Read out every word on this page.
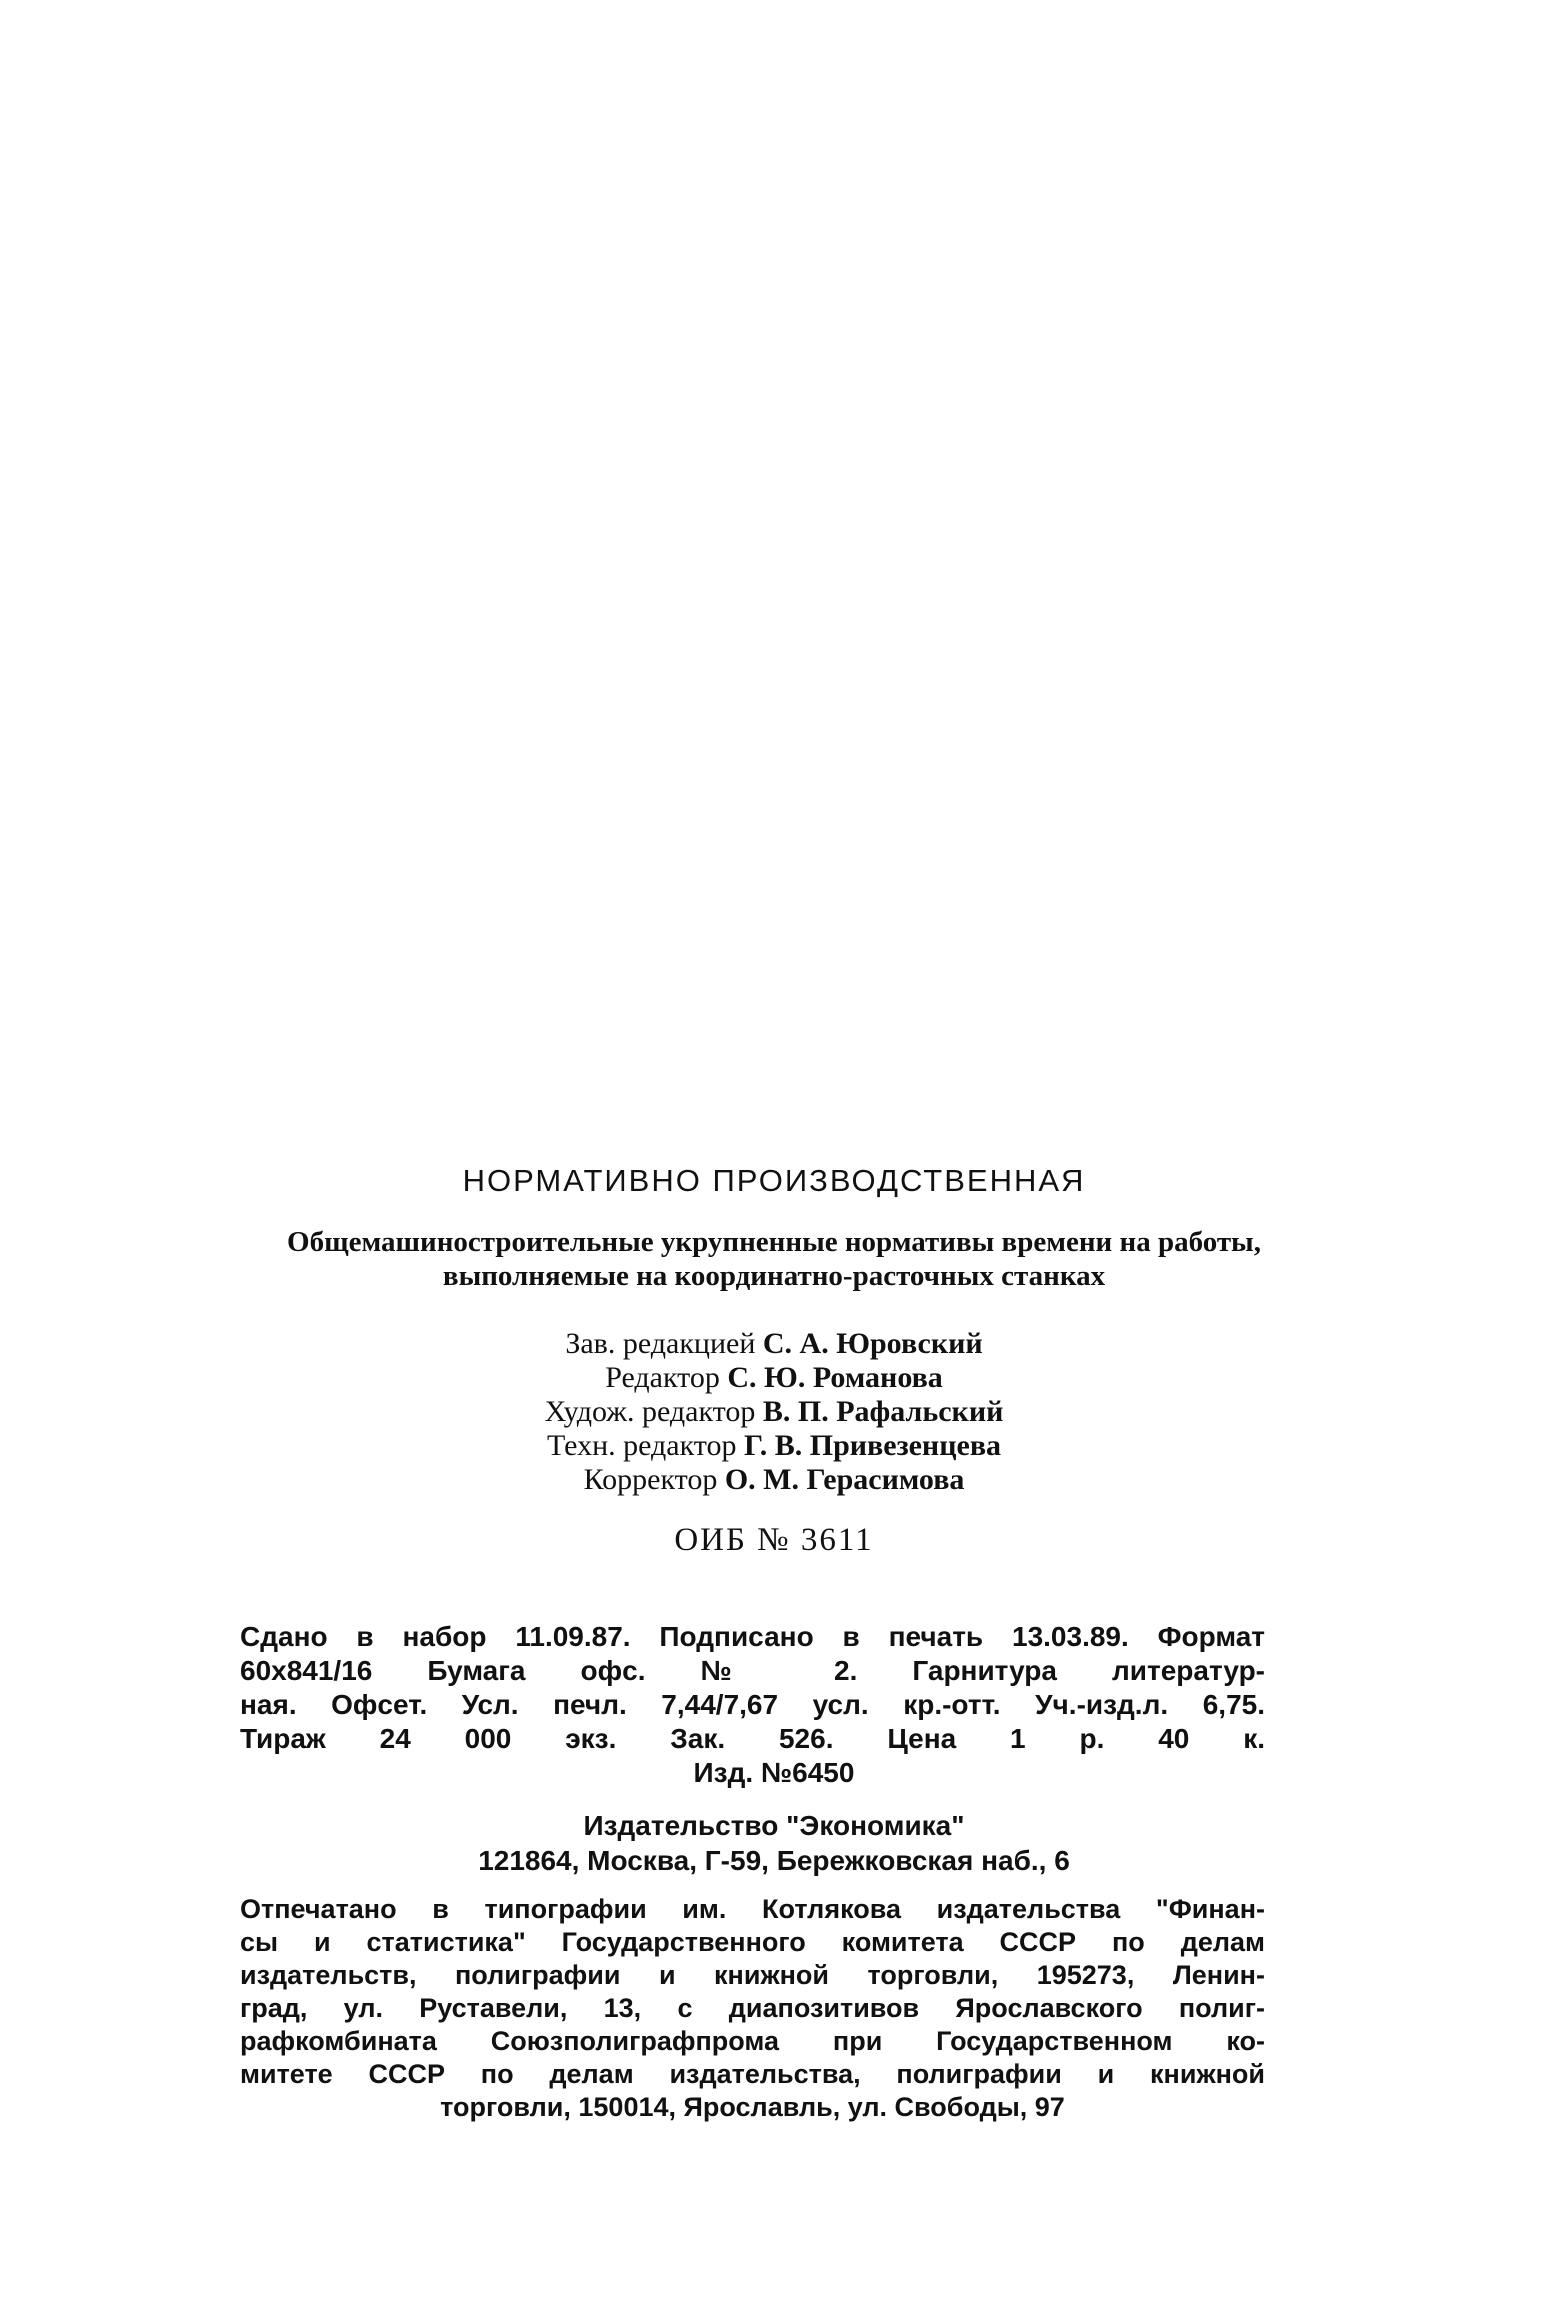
НОРМАТИВНО ПРОИЗВОДСТВЕННАЯ
Общемашиностроительные укрупненные нормативы времени на работы,
выполняемые на координатно-расточных станках
Зав. редакцией С. А. Юровский
Редактор С. Ю. Романова
Худож. редактор В. П. Рафальский
Техн. редактор Г. В. Привезенцева
Корректор О. М. Герасимова
ОИБ № 3611
Сдано в набор 11.09.87. Подписано в печать 13.03.89. Формат
60х841/16 Бумага офс. № 2. Гарнитура литератур-
ная. Офсет. Усл. печл. 7,44/7,67 усл. кр.-отт. Уч.-изд.л. 6,75.
Тираж 24 000 экз. Зак. 526. Цена 1 р. 40 к.
Изд. №6450
Издательство "Экономика"
121864, Москва, Г-59, Бережковская наб., 6
Отпечатано в типографии им. Котлякова издательства "Финан-
сы и статистика" Государственного комитета СССР по делам
издательств, полиграфии и книжной торговли, 195273, Ленин-
град, ул. Руставели, 13, с диапозитивов Ярославского полиг-
рафкомбината Союзполиграфпрома при Государственном ко-
митете СССР по делам издательства, полиграфии и книжной
торговли, 150014, Ярославль, ул. Свободы, 97
